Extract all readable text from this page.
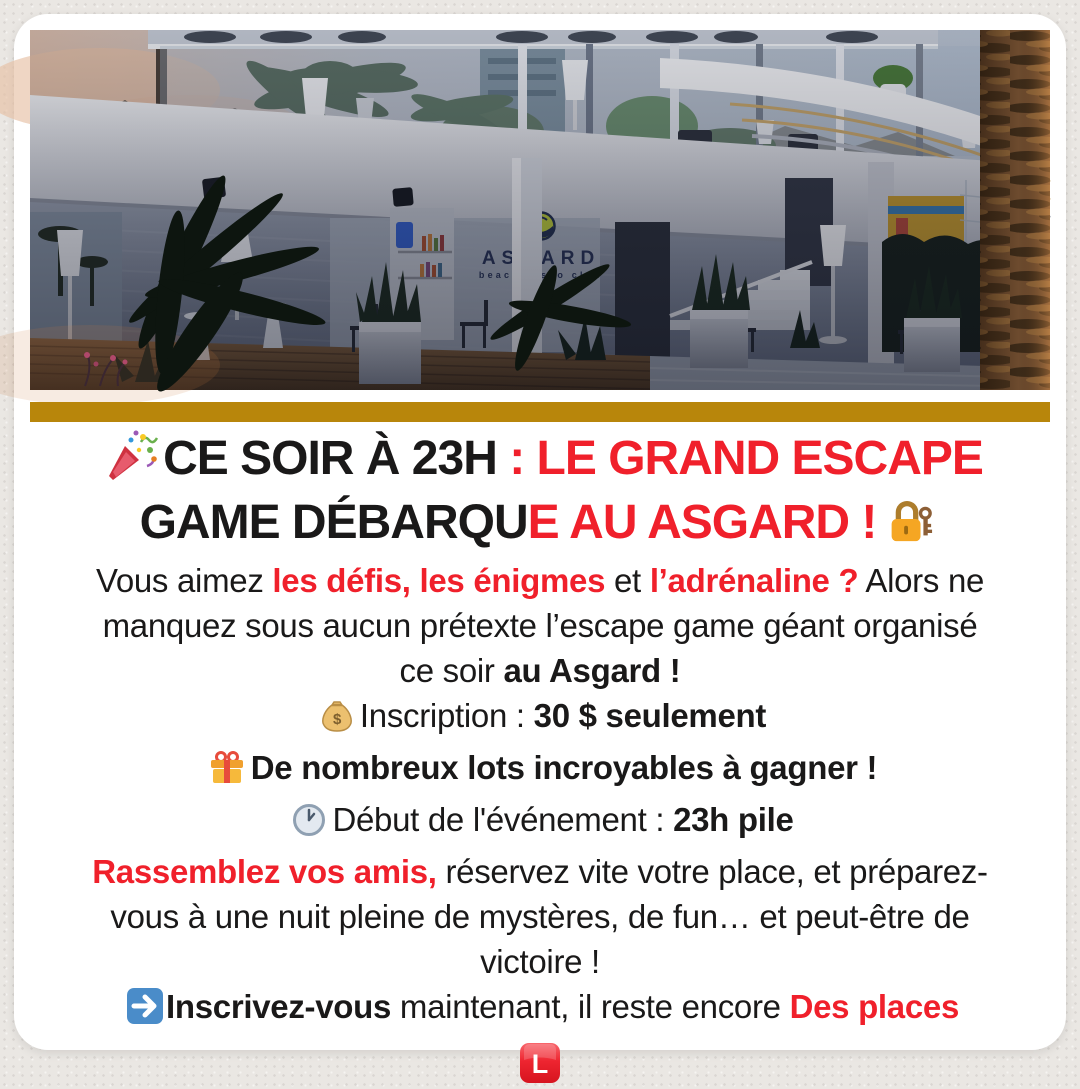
CE SOIR À 23H : LE GRAND ESCAPE
GAME DÉBARQUE AU ASGARD !
Vous aimez les défis, les énigmes et l’adrénaline ? Alors ne
manquez sous aucun prétexte l’escape game géant organisé
ce soir au Asgard !
$ Inscription : 30 $ seulement
De nombreux lots incroyables à gagner !
Début de l'événement : 23h pile
Rassemblez vos amis, réservez vite votre place, et préparez-
vous à une nuit pleine de mystères, de fun… et peut-être de
victoire !
Inscrivez-vous maintenant, il reste encore Des places
L
